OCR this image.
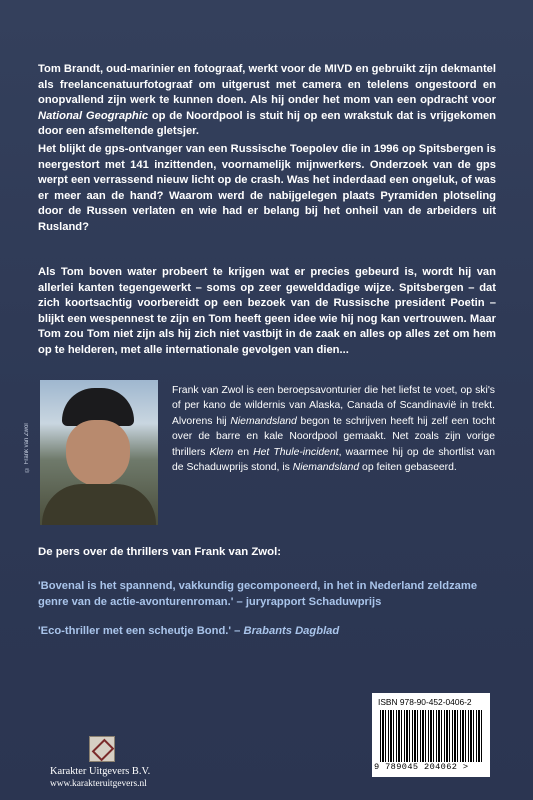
Tom Brandt, oud-marinier en fotograaf, werkt voor de MIVD en gebruikt zijn dekmantel als freelancenatuurfotograaf om uitgerust met camera en telelens ongestoord en onopvallend zijn werk te kunnen doen. Als hij onder het mom van een opdracht voor National Geographic op de Noordpool is stuit hij op een wrakstuk dat is vrijgekomen door een afsmeltende gletsjer.

Het blijkt de gps-ontvanger van een Russische Toepolev die in 1996 op Spitsbergen is neergestort met 141 inzittenden, voornamelijk mijnwerkers. Onderzoek van de gps werpt een verrassend nieuw licht op de crash. Was het inderdaad een ongeluk, of was er meer aan de hand? Waarom werd de nabijgelegen plaats Pyramiden plotseling door de Russen verlaten en wie had er belang bij het onheil van de arbeiders uit Rusland?

Als Tom boven water probeert te krijgen wat er precies gebeurd is, wordt hij van allerlei kanten tegengewerkt – soms op zeer gewelddadige wijze. Spitsbergen – dat zich koortsachtig voorbereidt op een bezoek van de Russische president Poetin – blijkt een wespennest te zijn en Tom heeft geen idee wie hij nog kan vertrouwen. Maar Tom zou Tom niet zijn als hij zich niet vastbijt in de zaak en alles op alles zet om hem op te helderen, met alle internationale gevolgen van dien...

© Frank van Zwol

Frank van Zwol is een beroepsavonturier die het liefst te voet, op ski's of per kano de wildernis van Alaska, Canada of Scandinavië in trekt. Alvorens hij Niemandsland begon te schrijven heeft hij zelf een tocht over de barre en kale Noordpool gemaakt. Net zoals zijn vorige thrillers Klem en Het Thule-incident, waarmee hij op de shortlist van de Schaduwprijs stond, is Niemandsland op feiten gebaseerd.

De pers over de thrillers van Frank van Zwol:

'Bovenal is het spannend, vakkundig gecomponeerd, in het in Nederland zeldzame genre van de actie-avonturenroman.' – juryrapport Schaduwprijs

'Eco-thriller met een scheutje Bond.' – Brabants Dagblad

ISBN 978-90-452-0406-2
9 789045 204062 >

Karakter Uitgevers B.V.

www.karakteruitgevers.nl
